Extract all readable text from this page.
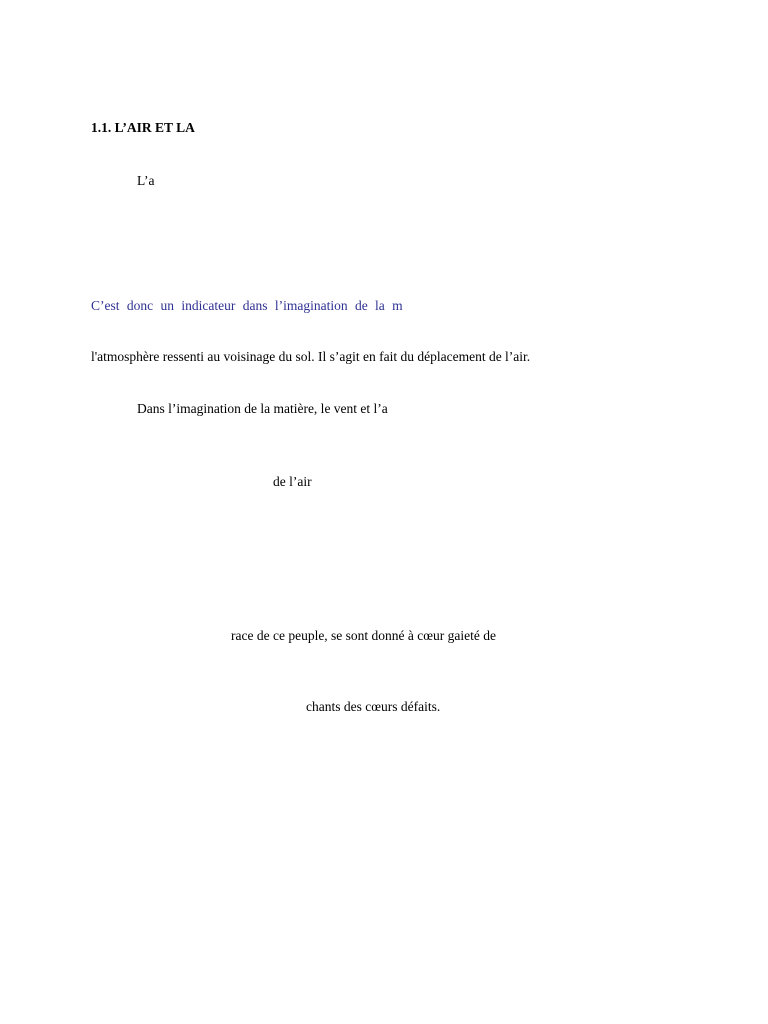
1.1. L’AIR ET LA
L’a
C’est donc un indicateur dans l’imagination de la m
l'atmosphère ressenti au voisinage du sol. Il s’agit en fait du déplacement de l’air.
Dans l’imagination de la matière, le vent et l’a
de l’air
race de ce peuple, se sont donné à cœur gaieté de
chants des cœurs défaits.
